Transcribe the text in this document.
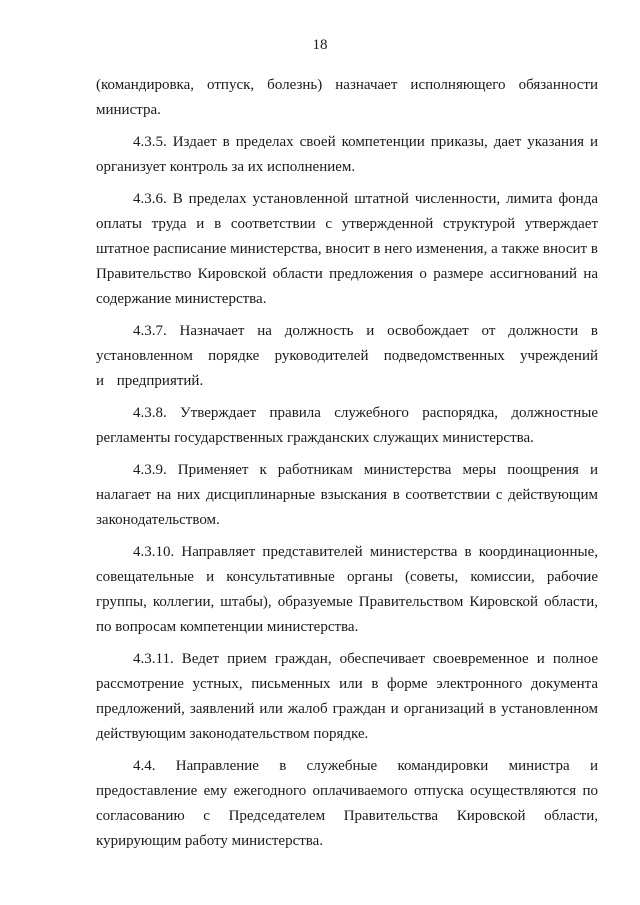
18

(командировка, отпуск, болезнь) назначает исполняющего обязанности министра.

4.3.5. Издает в пределах своей компетенции приказы, дает указания и организует контроль за их исполнением.

4.3.6. В пределах установленной штатной численности, лимита фонда оплаты труда и в соответствии с утвержденной структурой утверждает штатное расписание министерства, вносит в него изменения, а также вносит в Правительство Кировской области предложения о размере ассигнований на содержание министерства.

4.3.7. Назначает на должность и освобождает от должности в установленном порядке руководителей подведомственных учреждений и предприятий.

4.3.8. Утверждает правила служебного распорядка, должностные регламенты государственных гражданских служащих министерства.

4.3.9. Применяет к работникам министерства меры поощрения и налагает на них дисциплинарные взыскания в соответствии с действующим законодательством.

4.3.10. Направляет представителей министерства в координационные, совещательные и консультативные органы (советы, комиссии, рабочие группы, коллегии, штабы), образуемые Правительством Кировской области, по вопросам компетенции министерства.

4.3.11. Ведет прием граждан, обеспечивает своевременное и полное рассмотрение устных, письменных или в форме электронного документа предложений, заявлений или жалоб граждан и организаций в установленном действующим законодательством порядке.

4.4. Направление в служебные командировки министра и предоставление ему ежегодного оплачиваемого отпуска осуществляются по согласованию с Председателем Правительства Кировской области, курирующим работу министерства.
